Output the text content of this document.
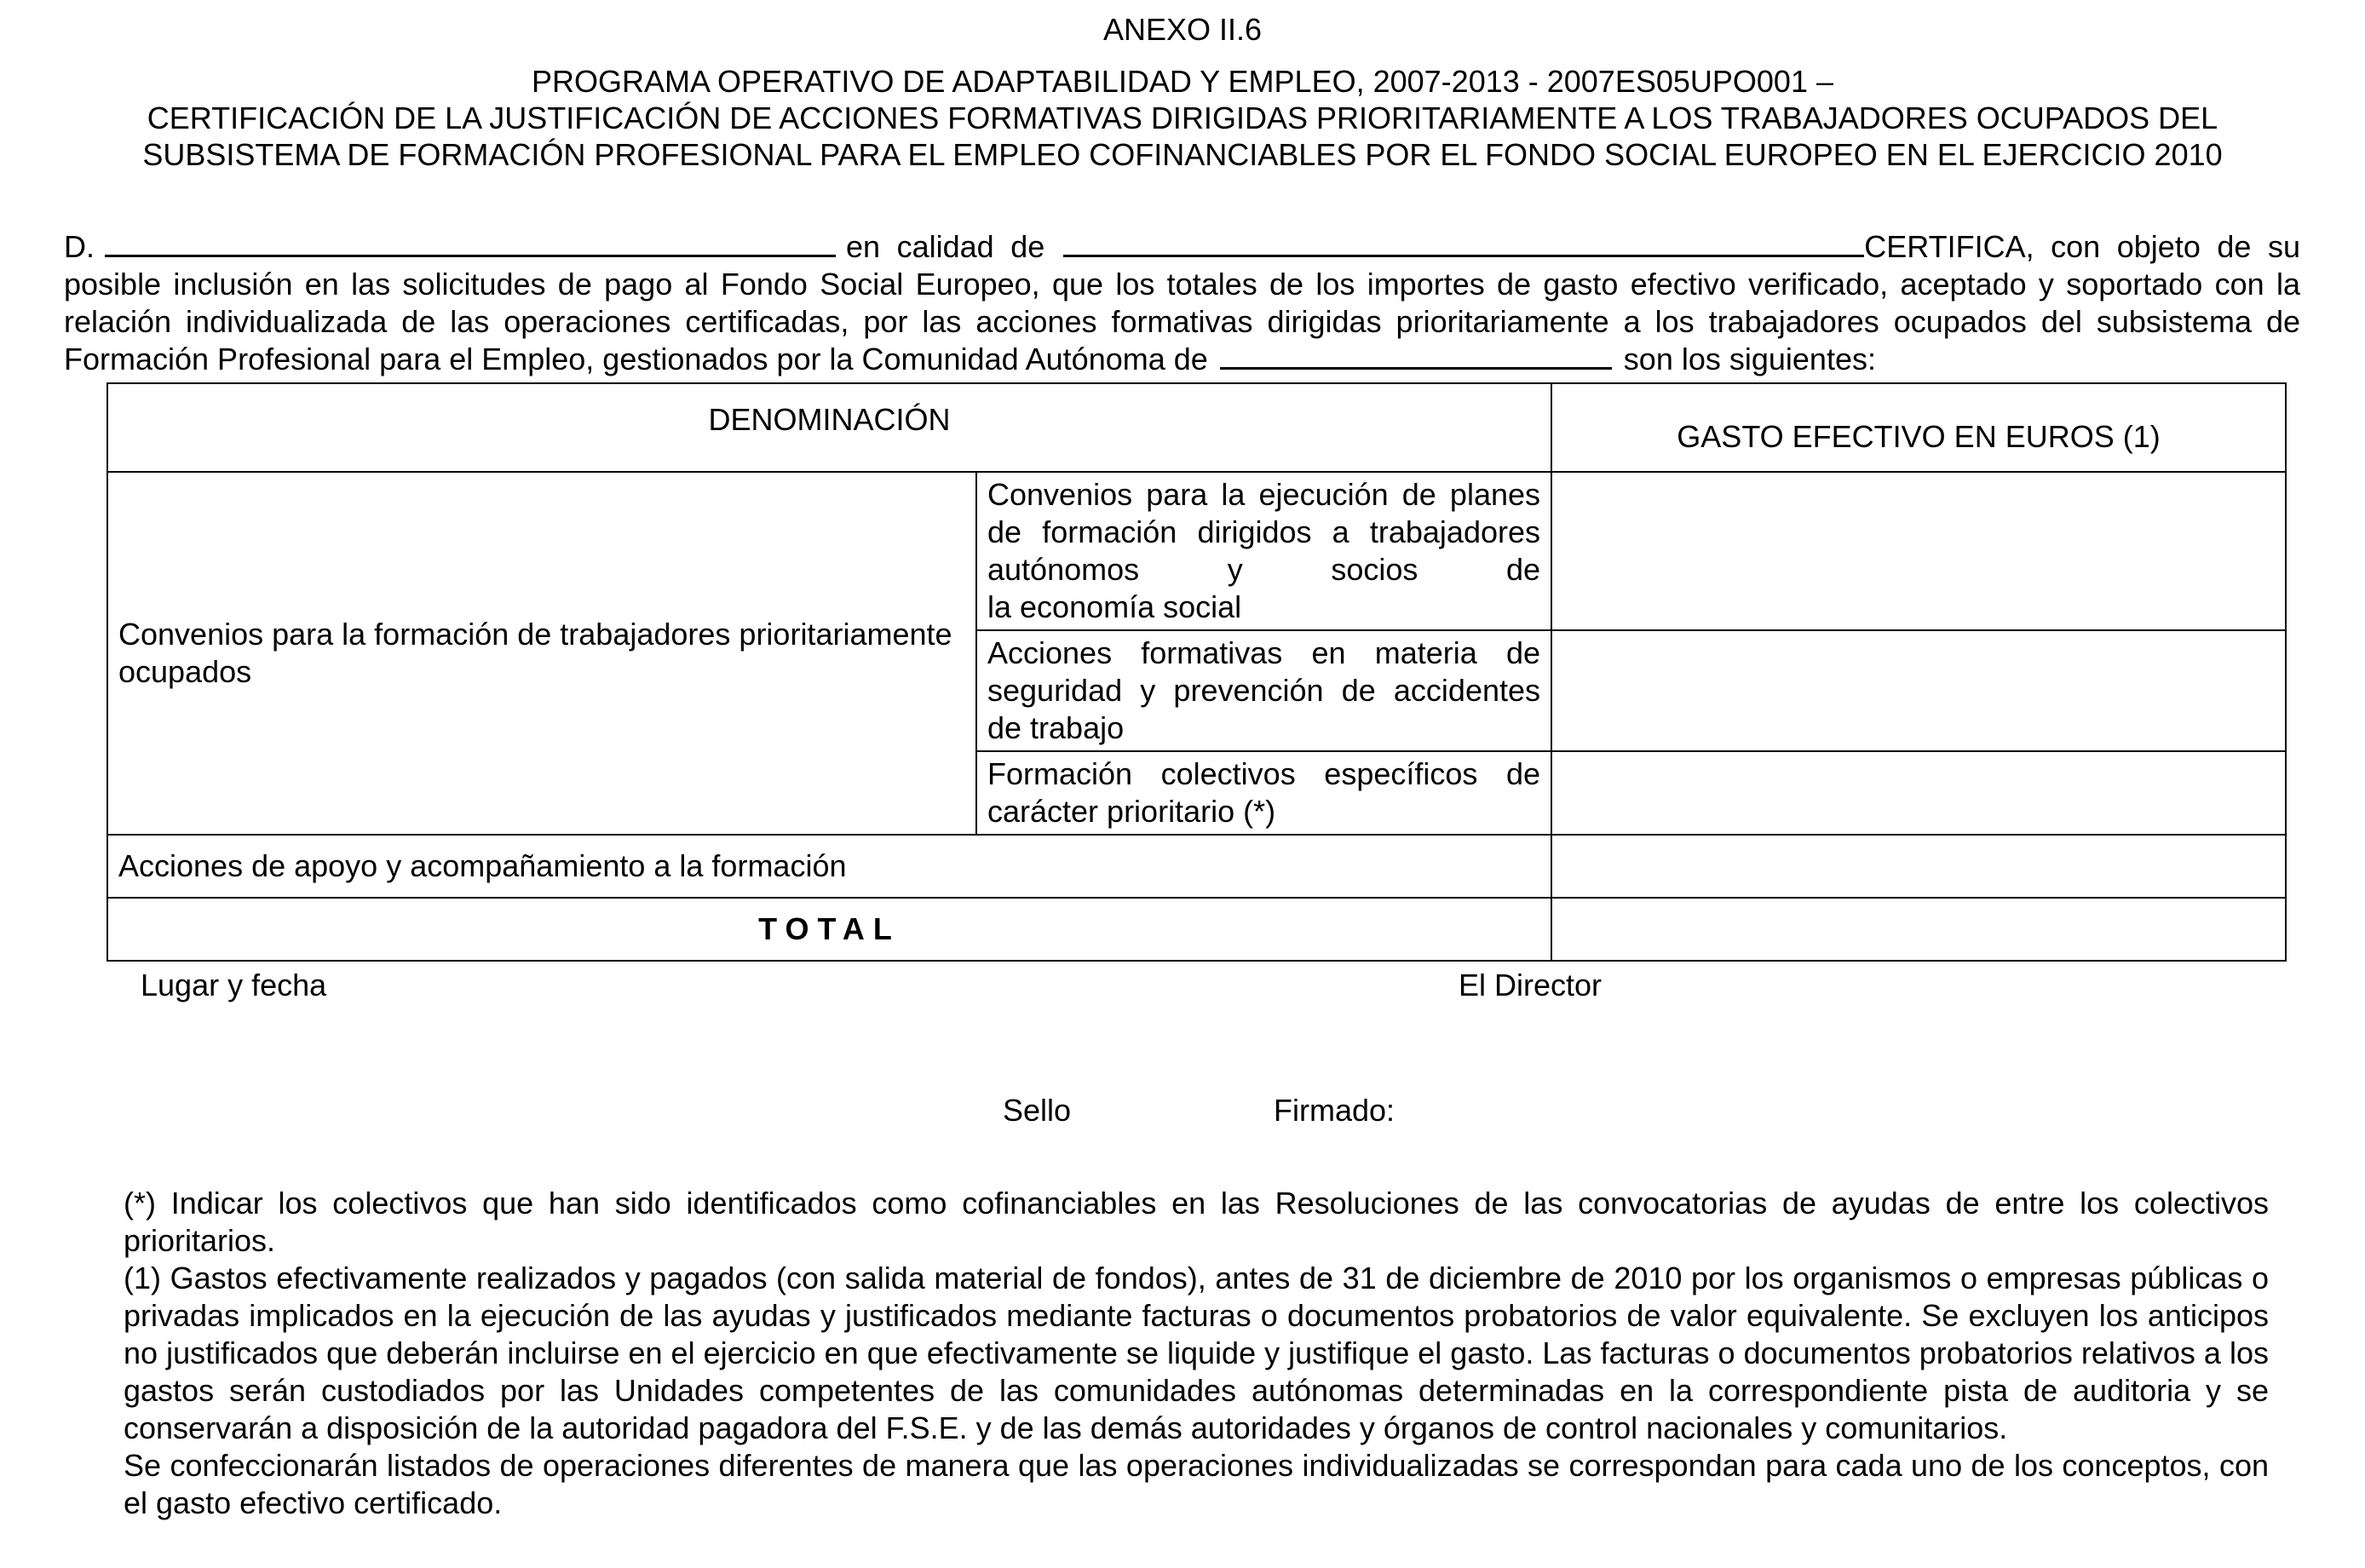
ANEXO II.6
PROGRAMA OPERATIVO DE ADAPTABILIDAD Y EMPLEO, 2007-2013 - 2007ES05UPO001 –
CERTIFICACIÓN DE LA JUSTIFICACIÓN DE ACCIONES FORMATIVAS DIRIGIDAS PRIORITARIAMENTE A LOS TRABAJADORES OCUPADOS DEL
SUBSISTEMA DE FORMACIÓN PROFESIONAL PARA EL EMPLEO COFINANCIABLES POR EL FONDO SOCIAL EUROPEO EN EL EJERCICIO 2010
D.	en calidad de	CERTIFICA, con objeto de su posible inclusión en las solicitudes de pago al Fondo Social Europeo, que los totales de los importes de gasto efectivo verificado, aceptado y soportado con la relación individualizada de las operaciones certificadas, por las acciones formativas dirigidas prioritariamente a los trabajadores ocupados del subsistema de Formación Profesional para el Empleo, gestionados por la Comunidad Autónoma de	son los siguientes:
DENOMINACIÓN		GASTO EFECTIVO EN EUROS (1)

Convenios para la formación de trabajadores prioritariamente ocupados	Convenios para la ejecución de planes de formación dirigidos a trabajadores autónomos y socios de
la economía social	

	Acciones formativas en materia de seguridad y prevención de accidentes
de trabajo	

	Formación colectivos específicos de
carácter prioritario (*)	

Acciones de apoyo y acompañamiento a la formación		
TOTAL		
Lugar y fecha	El Director
Sello	Firmado:

(*) Indicar los colectivos que han sido identificados como cofinanciables en las Resoluciones de las convocatorias de ayudas de entre los colectivos prioritarios.

(1) Gastos efectivamente realizados y pagados (con salida material de fondos), antes de 31 de diciembre de 2010 por los organismos o empresas públicas o privadas implicados en la ejecución de las ayudas y justificados mediante facturas o documentos probatorios de valor equivalente. Se excluyen los anticipos no justificados que deberán incluirse en el ejercicio en que efectivamente se liquide y justifique el gasto. Las facturas o documentos probatorios relativos a los gastos serán custodiados por las Unidades competentes de las comunidades autónomas determinadas en la correspondiente pista de auditoria y se conservarán a disposición de la autoridad pagadora del F.S.E. y de las demás autoridades y órganos de control nacionales y comunitarios.

Se confeccionarán listados de operaciones diferentes de manera que las operaciones individualizadas se correspondan para cada uno de los conceptos, con el gasto efectivo certificado.
